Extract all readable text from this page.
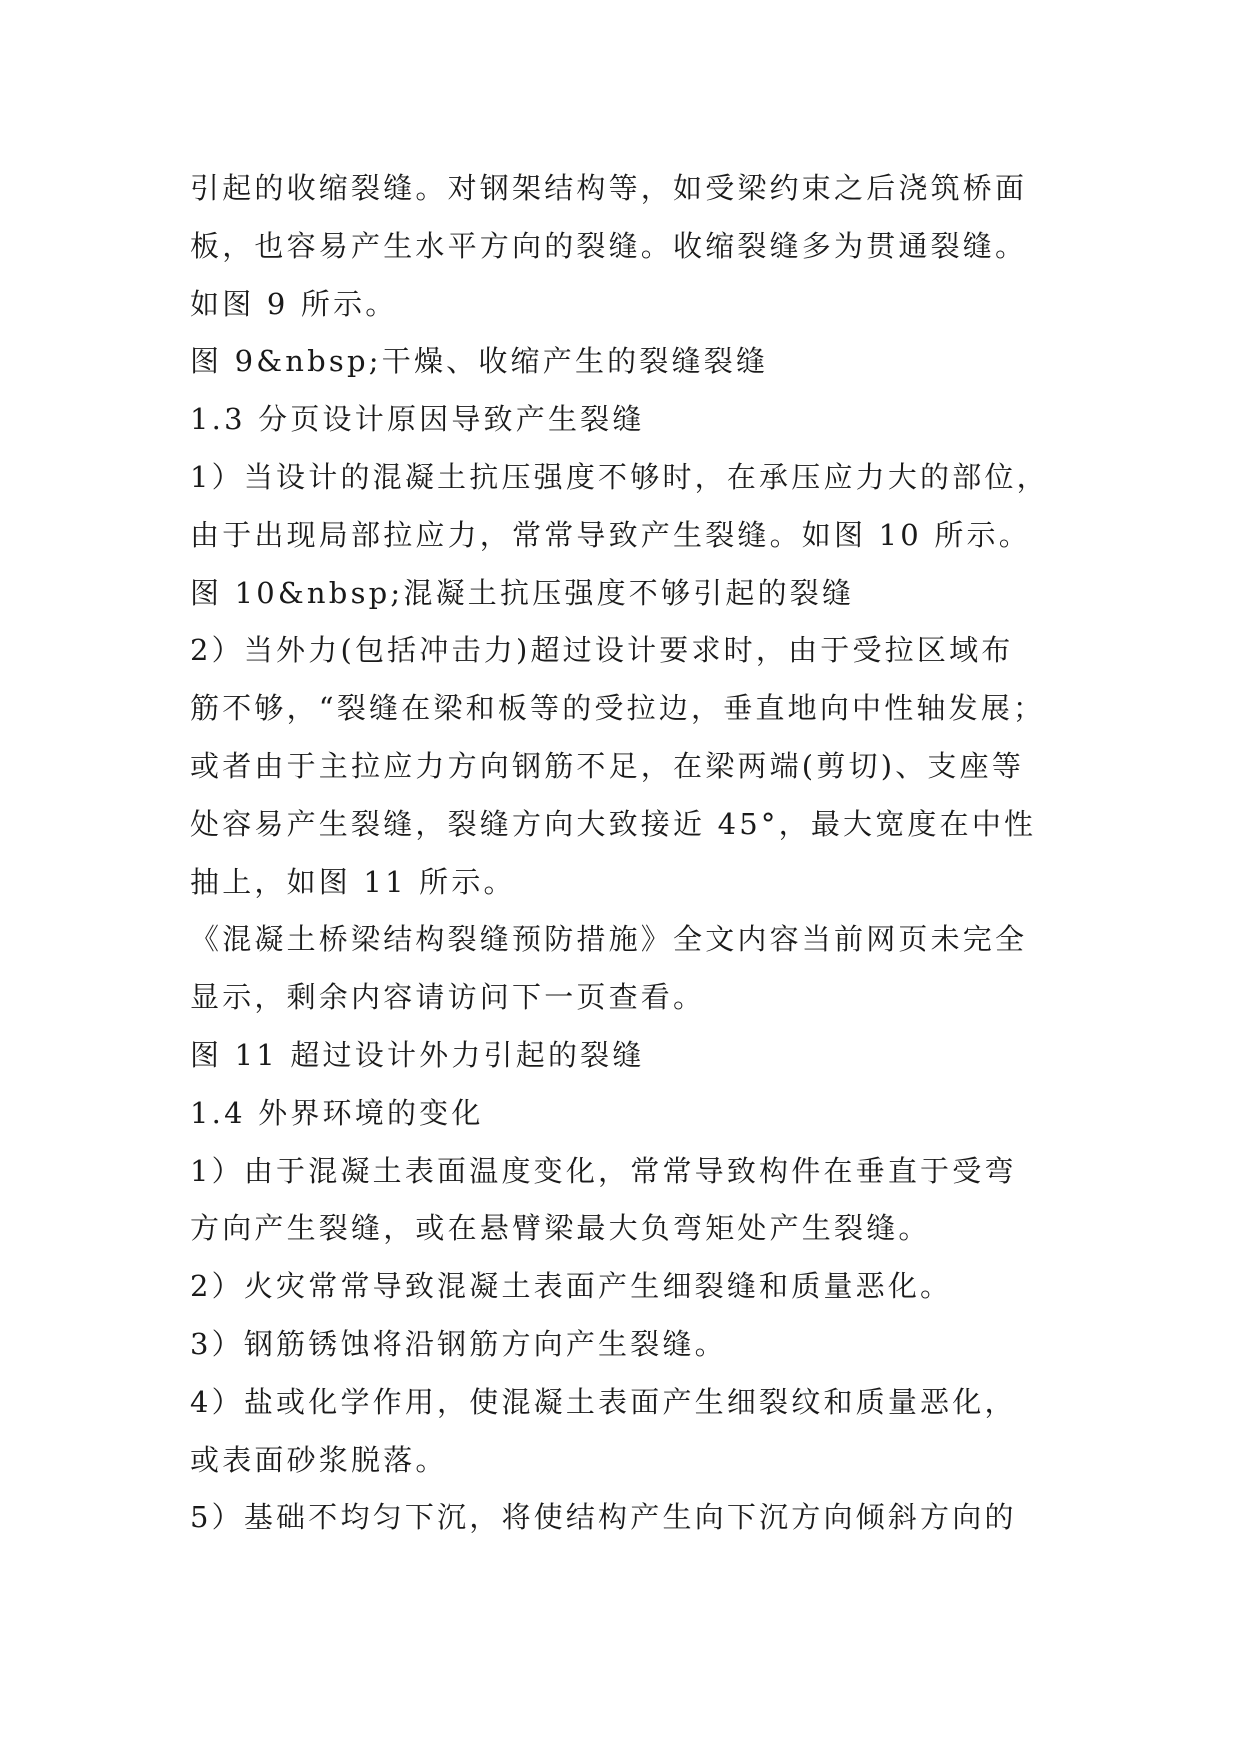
引起的收缩裂缝。对钢架结构等，如受梁约束之后浇筑桥面
板，也容易产生水平方向的裂缝。收缩裂缝多为贯通裂缝。
如图 9 所示。
图 9&nbsp;干燥、收缩产生的裂缝裂缝
1.3 分页设计原因导致产生裂缝
1）当设计的混凝土抗压强度不够时，在承压应力大的部位，
由于出现局部拉应力，常常导致产生裂缝。如图 10 所示。
图 10&nbsp;混凝土抗压强度不够引起的裂缝
2）当外力(包括冲击力)超过设计要求时，由于受拉区域布
筋不够，“裂缝在梁和板等的受拉边，垂直地向中性轴发展；
或者由于主拉应力方向钢筋不足，在梁两端(剪切)、支座等
处容易产生裂缝，裂缝方向大致接近 45°，最大宽度在中性
抽上，如图 11 所示。
《混凝土桥梁结构裂缝预防措施》全文内容当前网页未完全
显示，剩余内容请访问下一页查看。
图 11 超过设计外力引起的裂缝
1.4 外界环境的变化
1）由于混凝土表面温度变化，常常导致构件在垂直于受弯
方向产生裂缝，或在悬臂梁最大负弯矩处产生裂缝。
2）火灾常常导致混凝土表面产生细裂缝和质量恶化。
3）钢筋锈蚀将沿钢筋方向产生裂缝。
4）盐或化学作用，使混凝土表面产生细裂纹和质量恶化，
或表面砂浆脱落。
5）基础不均匀下沉，将使结构产生向下沉方向倾斜方向的
